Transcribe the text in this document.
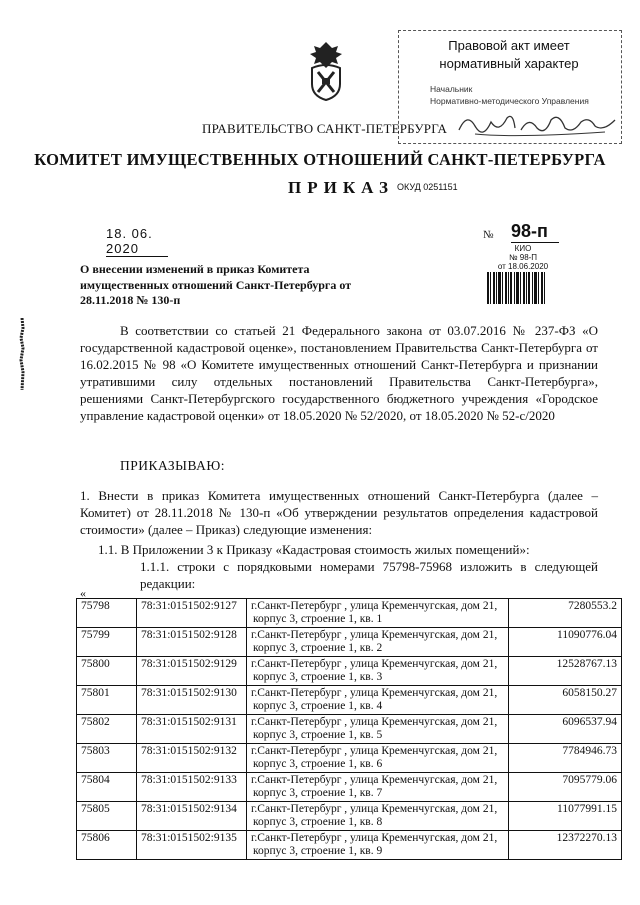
Правовой акт имеет
нормативный характер
Начальник
Нормативно-методического Управления
ПРАВИТЕЛЬСТВО САНКТ-ПЕТЕРБУРГА
КОМИТЕТ ИМУЩЕСТВЕННЫХ ОТНОШЕНИЙ САНКТ-ПЕТЕРБУРГА
ПРИКАЗ ОКУД 0251151
18. 06. 2020
№ 98-п
КИО
№ 98-П
от 18.06.2020
О внесении изменений в приказ Комитета имущественных отношений Санкт-Петербурга от 28.11.2018 № 130-п
В соответствии со статьей 21 Федерального закона от 03.07.2016 № 237-ФЗ «О государственной кадастровой оценке», постановлением Правительства Санкт-Петербурга от 16.02.2015 № 98 «О Комитете имущественных отношений Санкт-Петербурга и признании утратившими силу отдельных постановлений Правительства Санкт-Петербурга», решениями Санкт-Петербургского государственного бюджетного учреждения «Городское управление кадастровой оценки» от 18.05.2020 № 52/2020, от 18.05.2020 № 52-с/2020
ПРИКАЗЫВАЮ:
1. Внести в приказ Комитета имущественных отношений Санкт-Петербурга (далее – Комитет) от 28.11.2018 № 130-п «Об утверждении результатов определения кадастровой стоимости» (далее – Приказ) следующие изменения:
1.1. В Приложении 3 к Приказу «Кадастровая стоимость жилых помещений»:
1.1.1. строки с порядковыми номерами 75798-75968 изложить в следующей редакции:
«
75798	78:31:0151502:9127	г.Санкт-Петербург , улица Кременчугская, дом 21,
корпус 3, строение 1, кв. 1	7280553.2
75799	78:31:0151502:9128	г.Санкт-Петербург , улица Кременчугская, дом 21,
корпус 3, строение 1, кв. 2	11090776.04
75800	78:31:0151502:9129	г.Санкт-Петербург , улица Кременчугская, дом 21,
корпус 3, строение 1, кв. 3	12528767.13
75801	78:31:0151502:9130	г.Санкт-Петербург , улица Кременчугская, дом 21,
корпус 3, строение 1, кв. 4	6058150.27
75802	78:31:0151502:9131	г.Санкт-Петербург , улица Кременчугская, дом 21,
корпус 3, строение 1, кв. 5	6096537.94
75803	78:31:0151502:9132	г.Санкт-Петербург , улица Кременчугская, дом 21,
корпус 3, строение 1, кв. 6	7784946.73
75804	78:31:0151502:9133	г.Санкт-Петербург , улица Кременчугская, дом 21,
корпус 3, строение 1, кв. 7	7095779.06
75805	78:31:0151502:9134	г.Санкт-Петербург , улица Кременчугская, дом 21,
корпус 3, строение 1, кв. 8	11077991.15
75806	78:31:0151502:9135	г.Санкт-Петербург , улица Кременчугская, дом 21,
корпус 3, строение 1, кв. 9	12372270.13
